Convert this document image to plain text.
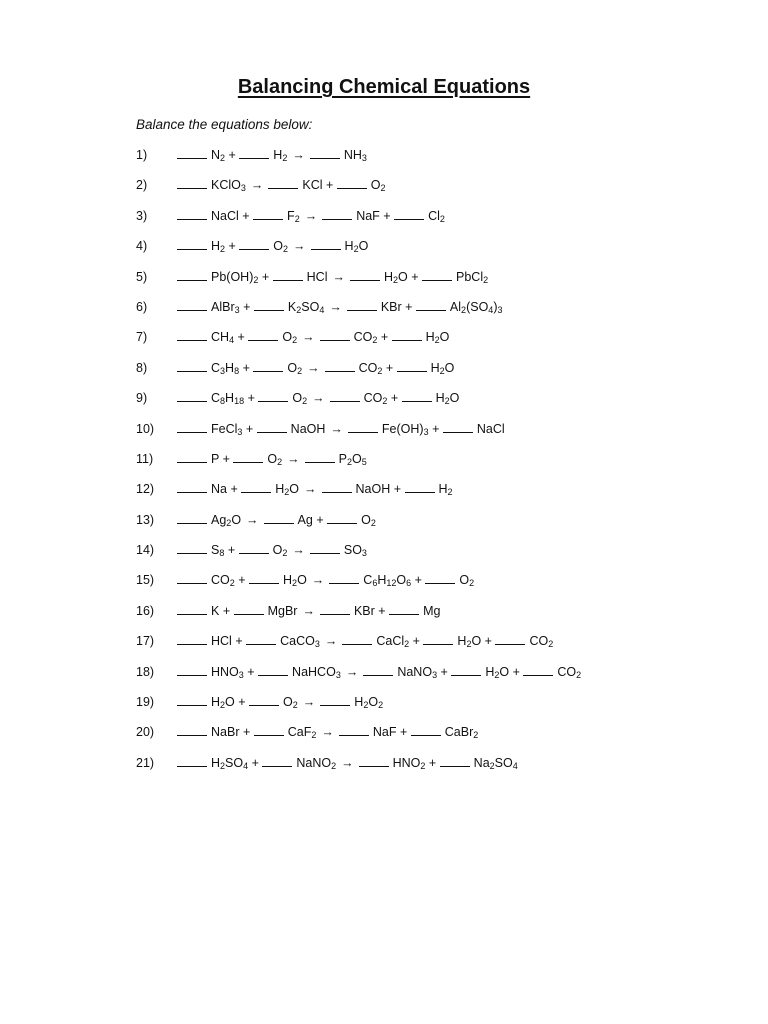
Balancing Chemical Equations
Balance the equations below:
1)	$N_2$ +	$H_2$ →	$NH_3$
2)	KClO$_3$ →	KCl +	$O_2$
3)	NaCl +	$F_2$ →	NaF +	$Cl_2$
4)	$H_2$ +	$O_2$ →	$H_2O$
5)	$Pb(OH)_2$ +	HCl →	$H_2O$ +	PbCl$_2$
6)	AlBr$_3$ +	$K_2SO_4$ →	KBr +	$Al_2(SO_4)_3$
7)	$CH_4$ +	$O_2$ →	$CO_2$ +	$H_2O$
8)	$C_3H_8$ +	$O_2$ →	$CO_2$ +	$H_2O$
9)	$C_8H_{18}$ +	$O_2$ →	$CO_2$ +	$H_2O$
10)	FeCl$_3$ +	NaOH →	$Fe(OH)_3$ +	NaCl
11)	P +	$O_2$ →	$P_2O_5$
12)	Na +	$H_2O$ →	NaOH +	$H_2$
13)	$Ag_2O$ →	Ag +	$O_2$
14)	$S_8$ +	$O_2$ →	$SO_3$
15)	$CO_2$ +	$H_2O$ →	$C_6H_{12}O_6$ +	$O_2$
16)	K +	MgBr →	KBr +	Mg
17)	HCl +	CaCO$_3$ →	CaCl$_2$ +	$H_2O$ +	$CO_2$
18)	$HNO_3$ +	NaHCO$_3$ →	NaNO$_3$ +	$H_2O$ +	$CO_2$
19)	$H_2O$ +	$O_2$ →	$H_2O_2$
20)	NaBr +	CaF$_2$ →	NaF +	CaBr$_2$
21)	$H_2SO_4$ +	NaNO$_2$ →	$HNO_2$ +	$Na_2SO_4$
